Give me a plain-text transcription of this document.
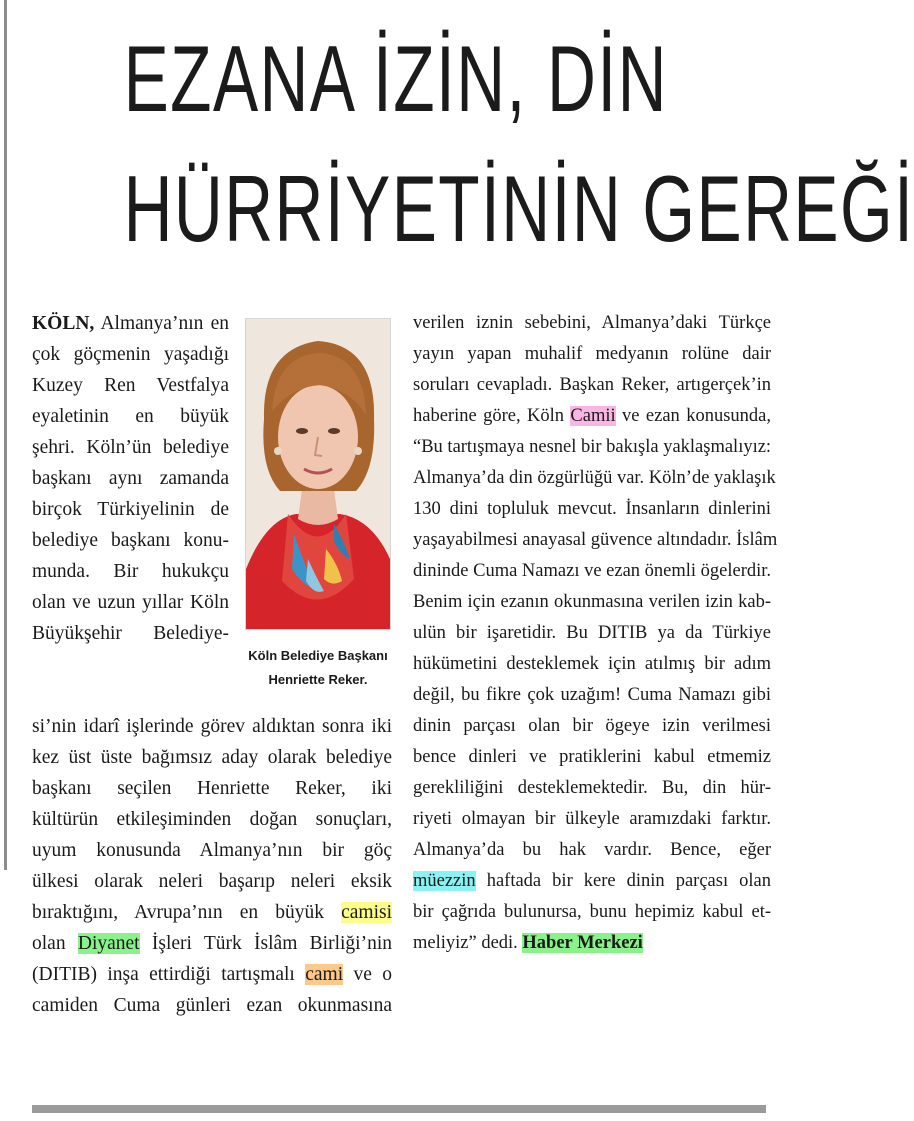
EZANA İZİN, DİN
HÜRRİYETİNİN GEREĞİ
KÖLN, Almanya’nın en
çok göçmenin yaşadığı
Kuzey Ren Vestfalya
eyaletinin en büyük
şehri. Köln’ün belediye
başkanı aynı zamanda
birçok Türkiyelinin de
belediye başkanı konu-
munda. Bir hukukçu
olan ve uzun yıllar Köln
Büyükşehir Belediye-
Köln Belediye Başkanı
Henriette Reker.
si’nin idarî işlerinde görev aldıktan sonra iki
kez üst üste bağımsız aday olarak belediye
başkanı seçilen Henriette Reker, iki
kültürün etkileşiminden doğan sonuçları,
uyum konusunda Almanya’nın bir göç
ülkesi olarak neleri başarıp neleri eksik
bıraktığını, Avrupa’nın en büyük camisi
olan Diyanet İşleri Türk İslâm Birliği’nin
(DITIB) inşa ettirdiği tartışmalı cami ve o
camiden Cuma günleri ezan okunmasına
verilen iznin sebebini, Almanya’daki Türkçe
yayın yapan muhalif medyanın rolüne dair
soruları cevapladı. Başkan Reker, artıgerçek’in
haberine göre, Köln Camii ve ezan konusunda,
“Bu tartışmaya nesnel bir bakışla yaklaşmalıyız:
Almanya’da din özgürlüğü var. Köln’de yaklaşık
130 dini topluluk mevcut. İnsanların dinlerini
yaşayabilmesi anayasal güvence altındadır. İslâm
dininde Cuma Namazı ve ezan önemli ögelerdir.
Benim için ezanın okunmasına verilen izin kab-
ulün bir işaretidir. Bu DITIB ya da Türkiye
hükümetini desteklemek için atılmış bir adım
değil, bu fikre çok uzağım! Cuma Namazı gibi
dinin parçası olan bir ögeye izin verilmesi
bence dinleri ve pratiklerini kabul etmemiz
gerekliliğini desteklemektedir. Bu, din hür-
riyeti olmayan bir ülkeyle aramızdaki farktır.
Almanya’da bu hak vardır. Bence, eğer
müezzin haftada bir kere dinin parçası olan
bir çağrıda bulunursa, bunu hepimiz kabul et-
meliyiz” dedi. Haber Merkezi
